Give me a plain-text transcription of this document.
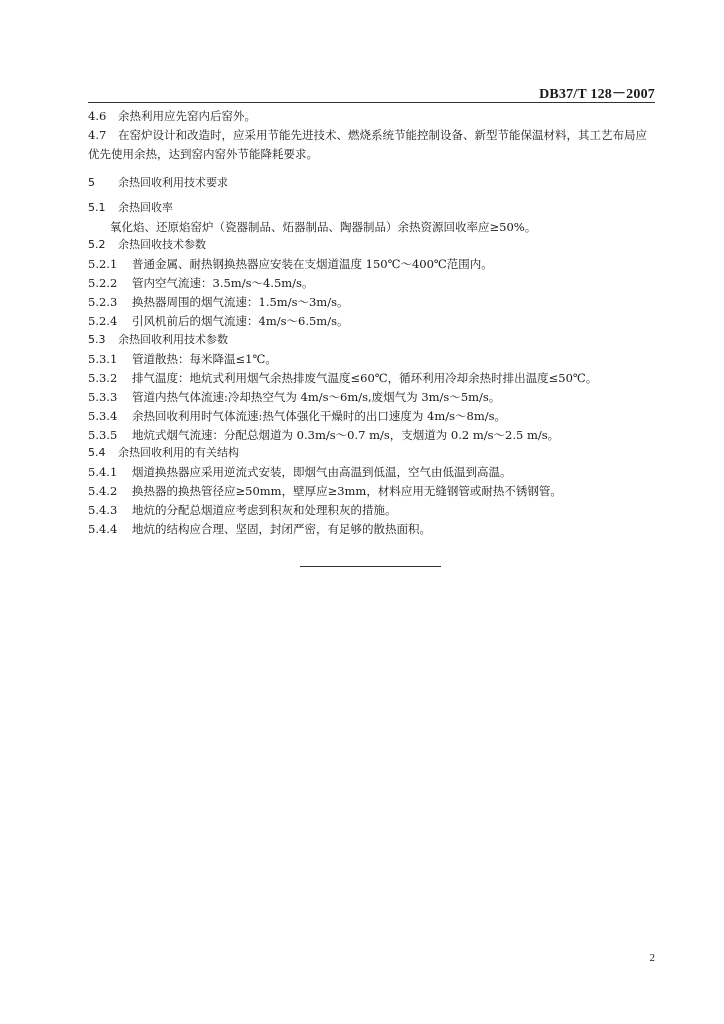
DB37/T 128－2007
4.6 余热利用应先窑内后窑外。
4.7 在窑炉设计和改造时，应采用节能先进技术、燃烧系统节能控制设备、新型节能保温材料，其工艺布局应优先使用余热，达到窑内窑外节能降耗要求。
5 余热回收利用技术要求
5.1 余热回收率
氧化焰、还原焰窑炉（瓷器制品、炻器制品、陶器制品）余热资源回收率应≥50%。
5.2 余热回收技术参数
5.2.1 普通金属、耐热钢换热器应安装在支烟道温度 150℃～400℃范围内。
5.2.2 管内空气流速：3.5m/s～4.5m/s。
5.2.3 换热器周围的烟气流速：1.5m/s～3m/s。
5.2.4 引风机前后的烟气流速：4m/s～6.5m/s。
5.3 余热回收利用技术参数
5.3.1 管道散热：每米降温≤1℃。
5.3.2 排气温度：地炕式利用烟气余热排废气温度≤60℃，循环利用冷却余热时排出温度≤50℃。
5.3.3 管道内热气体流速:冷却热空气为 4m/s～6m/s,废烟气为 3m/s～5m/s。
5.3.4 余热回收利用时气体流速:热气体强化干燥时的出口速度为 4m/s～8m/s。
5.3.5 地炕式烟气流速：分配总烟道为 0.3m/s～0.7 m/s，支烟道为 0.2 m/s～2.5 m/s。
5.4 余热回收利用的有关结构
5.4.1 烟道换热器应采用逆流式安装，即烟气由高温到低温，空气由低温到高温。
5.4.2 换热器的换热管径应≥50mm，壁厚应≥3mm，材料应用无缝钢管或耐热不锈钢管。
5.4.3 地炕的分配总烟道应考虑到积灰和处理积灰的措施。
5.4.4 地炕的结构应合理、坚固，封闭严密，有足够的散热面积。
2
